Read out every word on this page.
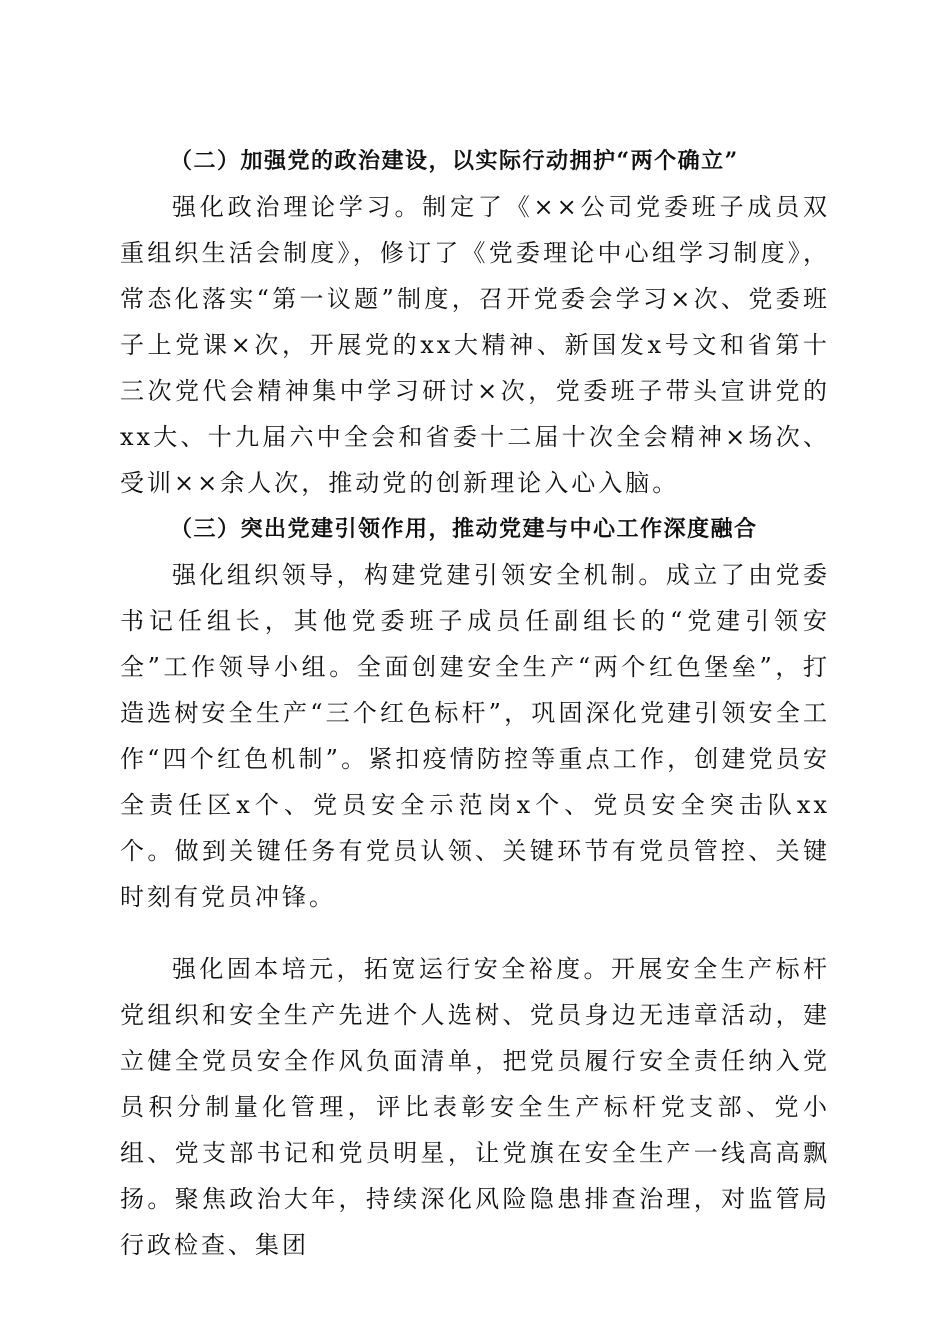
（二）加强党的政治建设，以实际行动拥护“两个确立”

强化政治理论学习。制定了《××公司党委班子成员双重组织生活会制度》，修订了《党委理论中心组学习制度》，常态化落实“第一议题”制度，召开党委会学习×次、党委班子上党课×次，开展党的xx大精神、新国发x号文和省第十三次党代会精神集中学习研讨×次，党委班子带头宣讲党的xx大、十九届六中全会和省委十二届十次全会精神×场次、受训××余人次，推动党的创新理论入心入脑。

（三）突出党建引领作用，推动党建与中心工作深度融合

强化组织领导，构建党建引领安全机制。成立了由党委书记任组长，其他党委班子成员任副组长的“党建引领安全”工作领导小组。全面创建安全生产“两个红色堡垒”，打造选树安全生产“三个红色标杆”，巩固深化党建引领安全工作“四个红色机制”。紧扣疫情防控等重点工作，创建党员安全责任区x个、党员安全示范岗x个、党员安全突击队xx个。做到关键任务有党员认领、关键环节有党员管控、关键时刻有党员冲锋。

强化固本培元，拓宽运行安全裕度。开展安全生产标杆党组织和安全生产先进个人选树、党员身边无违章活动，建立健全党员安全作风负面清单，把党员履行安全责任纳入党员积分制量化管理，评比表彰安全生产标杆党支部、党小组、党支部书记和党员明星，让党旗在安全生产一线高高飘扬。聚焦政治大年，持续深化风险隐患排查治理，对监管局行政检查、集团
